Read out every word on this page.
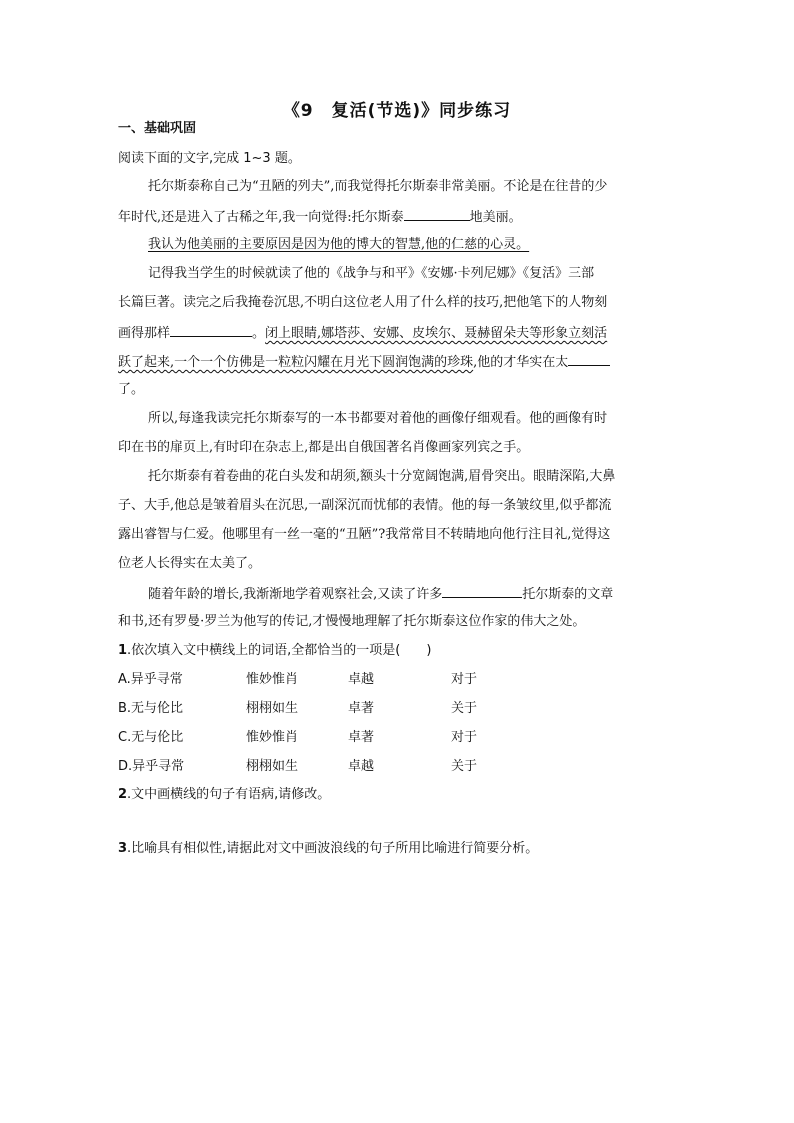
《9　复活(节选)》同步练习
一、基础巩固
阅读下面的文字,完成 1~3 题。
托尔斯泰称自己为“丑陋的列夫”,而我觉得托尔斯泰非常美丽。不论是在往昔的少
年时代,还是进入了古稀之年,我一向觉得:托尔斯泰	地美丽。
我认为他美丽的主要原因是因为他的博大的智慧,他的仁慈的心灵。
记得我当学生的时候就读了他的《战争与和平》《安娜·卡列尼娜》《复活》三部
长篇巨著。读完之后我掩卷沉思,不明白这位老人用了什么样的技巧,把他笔下的人物刻
画得那样	。闭上眼睛,娜塔莎、安娜、皮埃尔、聂赫留朵夫等形象立刻活
跃了起来,一个一个仿佛是一粒粒闪耀在月光下圆润饱满的珍珠,他的才华实在太
了。
所以,每逢我读完托尔斯泰写的一本书都要对着他的画像仔细观看。他的画像有时
印在书的扉页上,有时印在杂志上,都是出自俄国著名肖像画家列宾之手。
托尔斯泰有着卷曲的花白头发和胡须,额头十分宽阔饱满,眉骨突出。眼睛深陷,大鼻
子、大手,他总是皱着眉头在沉思,一副深沉而忧郁的表情。他的每一条皱纹里,似乎都流
露出睿智与仁爱。他哪里有一丝一毫的“丑陋”?我常常目不转睛地向他行注目礼,觉得这
位老人长得实在太美了。
随着年龄的增长,我渐渐地学着观察社会,又读了许多	托尔斯泰的文章
和书,还有罗曼·罗兰为他写的传记,才慢慢地理解了托尔斯泰这位作家的伟大之处。
1.依次填入文中横线上的词语,全都恰当的一项是(　　)
A.异乎寻常	惟妙惟肖	卓越	对于
B.无与伦比	栩栩如生	卓著	关于
C.无与伦比	惟妙惟肖	卓著	对于
D.异乎寻常	栩栩如生	卓越	关于
2.文中画横线的句子有语病,请修改。
3.比喻具有相似性,请据此对文中画波浪线的句子所用比喻进行简要分析。
